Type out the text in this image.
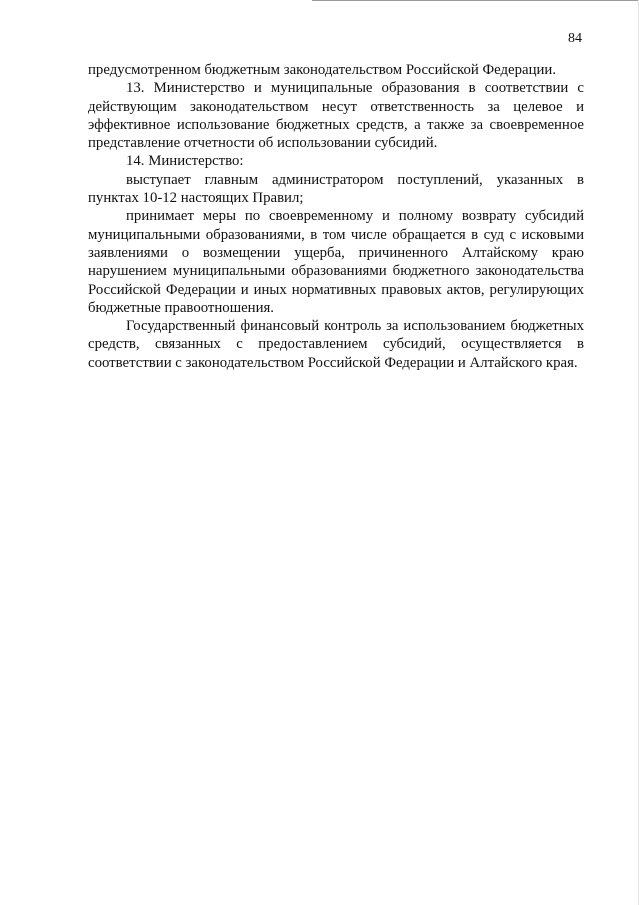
84

предусмотренном бюджетным законодательством Российской Федерации.

13. Министерство и муниципальные образования в соответствии с действующим законодательством несут ответственность за целевое и эффективное использование бюджетных средств, а также за своевременное представление отчетности об использовании субсидий.

14. Министерство:

выступает главным администратором поступлений, указанных в пунктах 10-12 настоящих Правил;

принимает меры по своевременному и полному возврату субсидий муниципальными образованиями, в том числе обращается в суд с исковыми заявлениями о возмещении ущерба, причиненного Алтайскому краю нарушением муниципальными образованиями бюджетного законодательства Российской Федерации и иных нормативных правовых актов, регулирующих бюджетные правоотношения.

Государственный финансовый контроль за использованием бюджетных средств, связанных с предоставлением субсидий, осуществляется в соответствии с законодательством Российской Федерации и Алтайского края.
